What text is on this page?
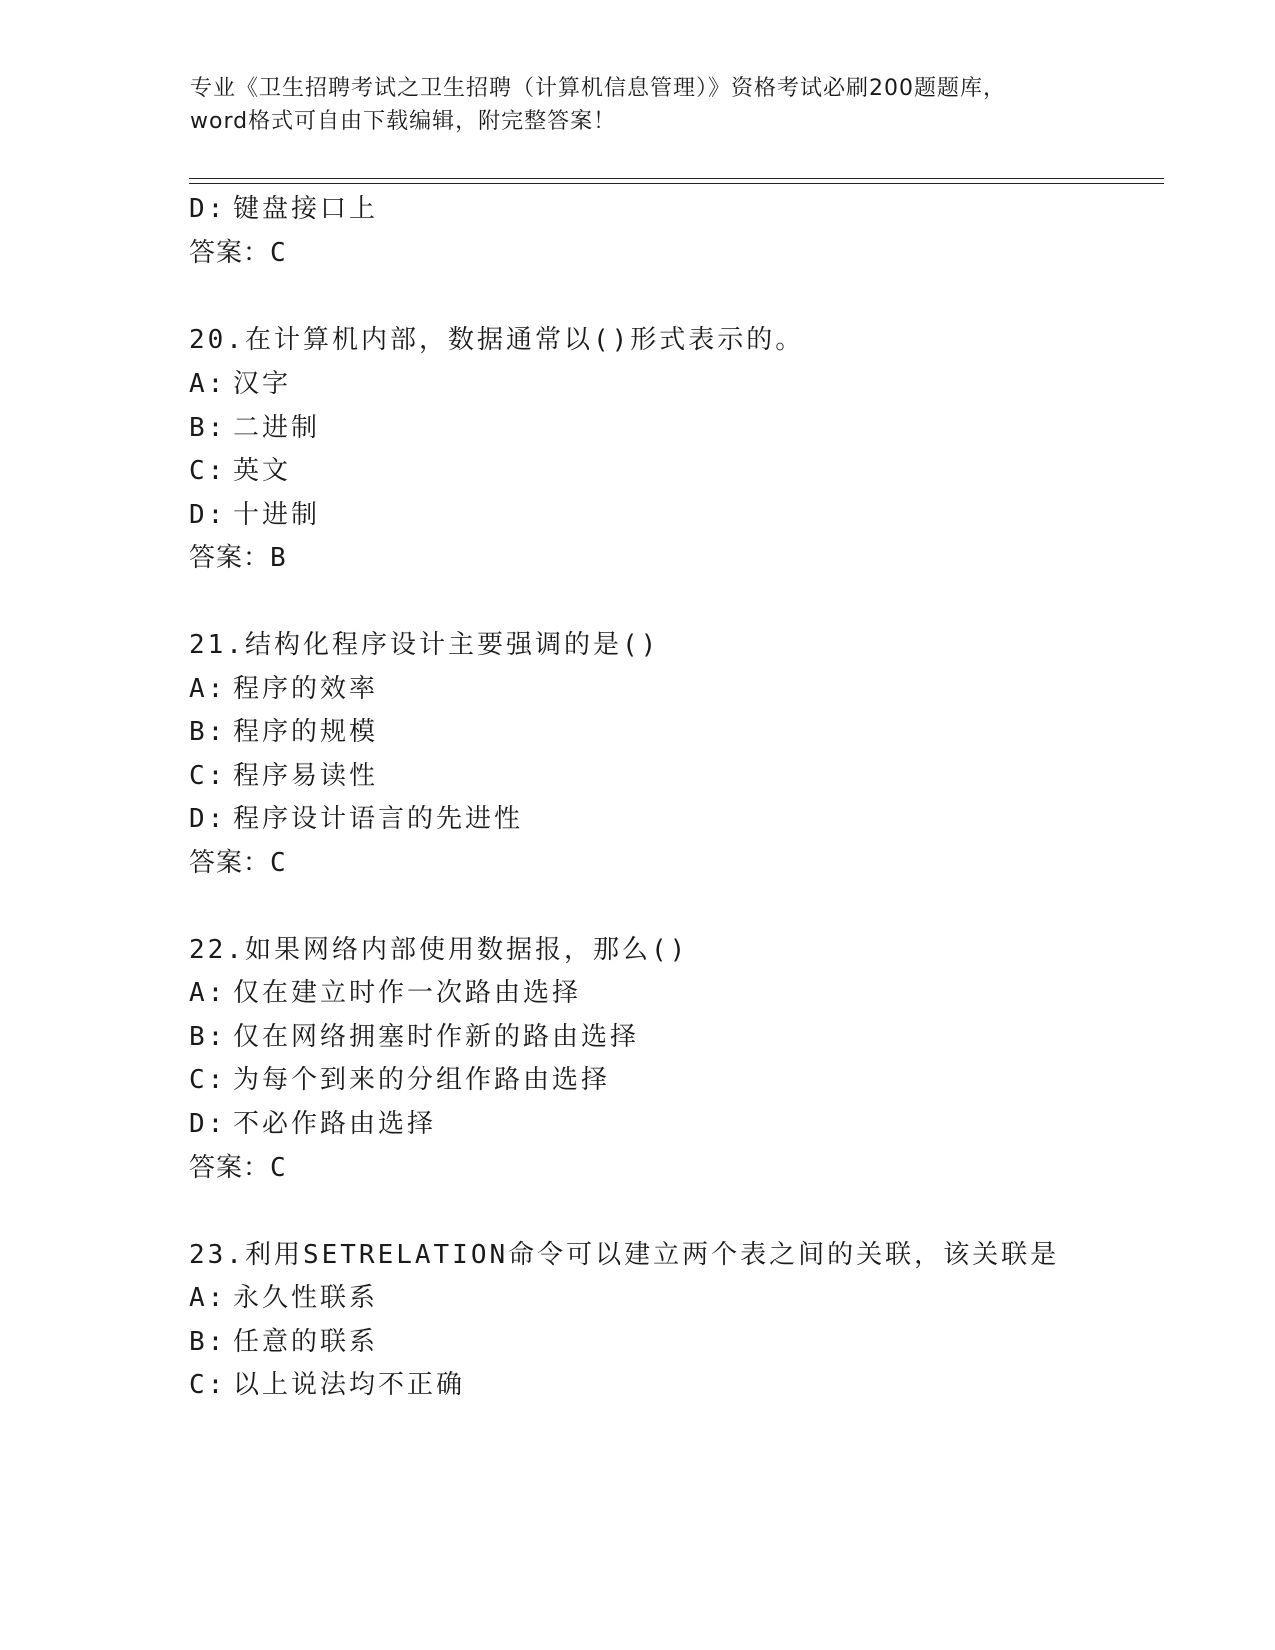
专业《卫生招聘考试之卫生招聘（计算机信息管理）》资格考试必刷200题题库，
word格式可自由下载编辑，附完整答案！
D: 键盘接口上
答案：C
20.在计算机内部，数据通常以()形式表示的。
A: 汉字
B: 二进制
C: 英文
D: 十进制
答案：B
21.结构化程序设计主要强调的是()
A: 程序的效率
B: 程序的规模
C: 程序易读性
D: 程序设计语言的先进性
答案：C
22.如果网络内部使用数据报，那么()
A: 仅在建立时作一次路由选择
B: 仅在网络拥塞时作新的路由选择
C: 为每个到来的分组作路由选择
D: 不必作路由选择
答案：C
23.利用SETRELATION命令可以建立两个表之间的关联，该关联是
A: 永久性联系
B: 任意的联系
C: 以上说法均不正确
